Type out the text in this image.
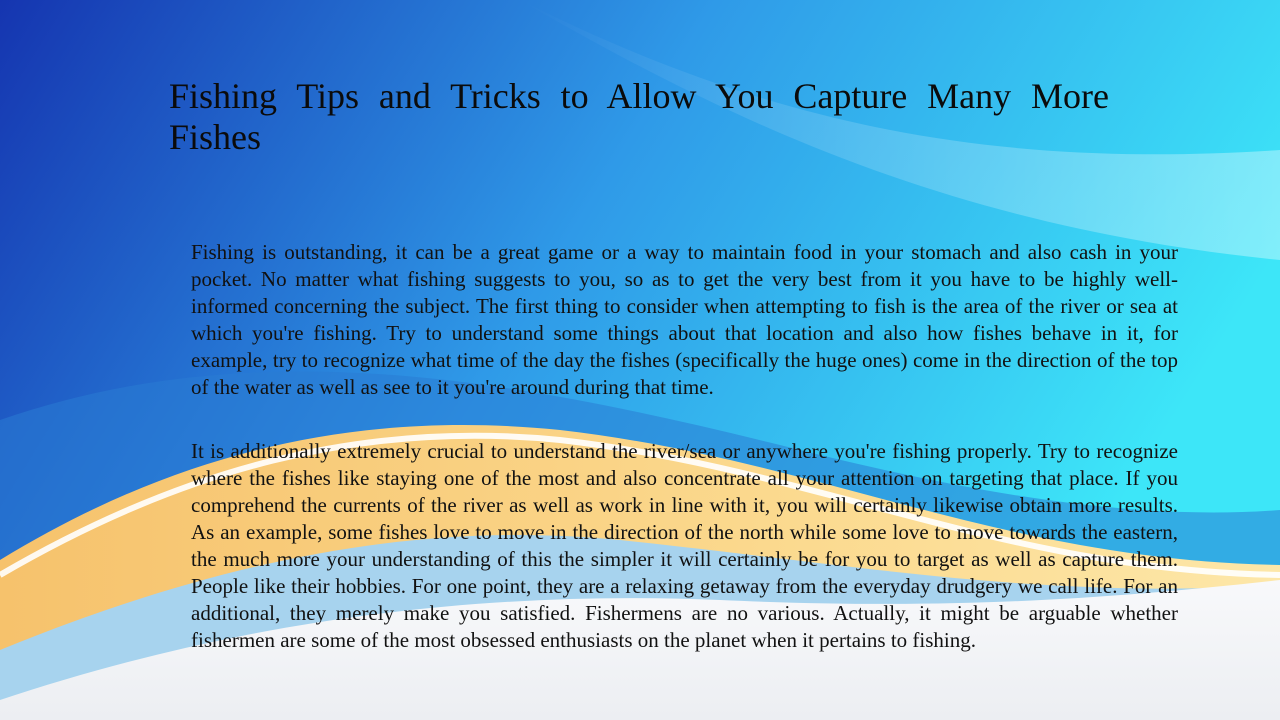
Fishing Tips and Tricks to Allow You Capture Many More Fishes

Fishing is outstanding, it can be a great game or a way to maintain food in your stomach and also cash in your pocket. No matter what fishing suggests to you, so as to get the very best from it you have to be highly well-informed concerning the subject. The first thing to consider when attempting to fish is the area of the river or sea at which you're fishing. Try to understand some things about that location and also how fishes behave in it, for example, try to recognize what time of the day the fishes (specifically the huge ones) come in the direction of the top of the water as well as see to it you're around during that time.

It is additionally extremely crucial to understand the river/sea or anywhere you're fishing properly. Try to recognize where the fishes like staying one of the most and also concentrate all your attention on targeting that place. If you comprehend the currents of the river as well as work in line with it, you will certainly likewise obtain more results. As an example, some fishes love to move in the direction of the north while some love to move towards the eastern, the much more your understanding of this the simpler it will certainly be for you to target as well as capture them. People like their hobbies. For one point, they are a relaxing getaway from the everyday drudgery we call life. For an additional, they merely make you satisfied. Fishermens are no various. Actually, it might be arguable whether fishermen are some of the most obsessed enthusiasts on the planet when it pertains to fishing.
